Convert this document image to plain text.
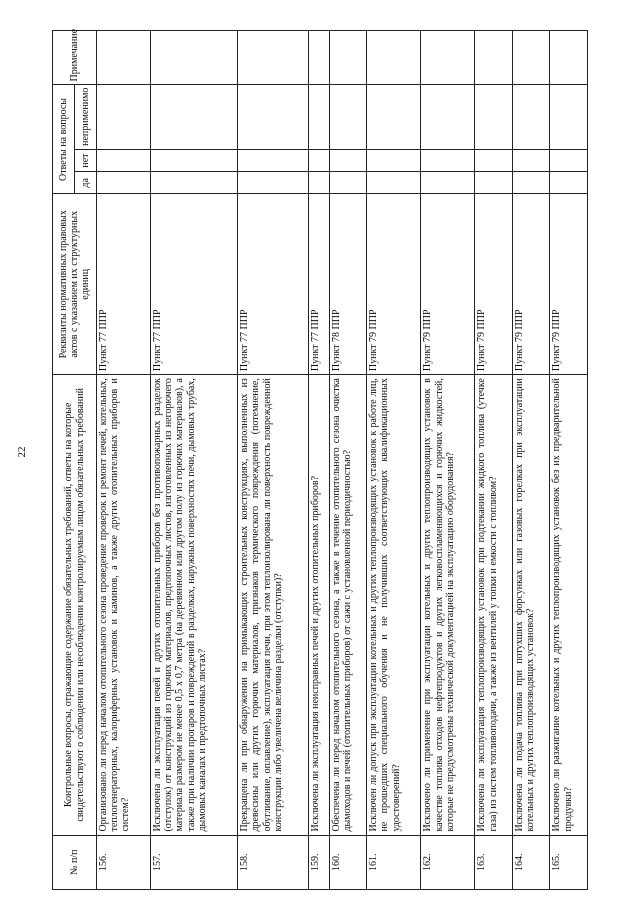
22
№ п/п	Контрольные вопросы, отражающие содержание обязательных требований, ответы на которые свидетельствуют о соблюдении или несоблюдении контролируемым лицом обязательных требований	Реквизиты нормативных правовых актов с указанием их структурных единиц	Ответы на вопросы			Примечание
			да	нет	неприменимо	
156.	Организовано ли перед началом отопительного сезона проведение проверок и ремонт печей, котельных, теплогенераторных, калориферных установок и каминов, а также других отопительных приборов и систем?	Пункт 77 ППР				
157.	Исключена ли эксплуатация печей и других отопительных приборов без противопожарных разделок (отступок) от конструкций из горючих материалов, предтопочных листов, изготовленных из негорючего материала размером не менее 0,5 x 0,7 метра (на деревянном или другом полу из горючих материалов), а также при наличии прогаров и повреждений в разделках, наружных поверхностях печи, дымовых трубах, дымовых каналах и предтопочных листах?	Пункт 77 ППР				
158.	Прекращена ли при обнаружении на примыкающих строительных конструкциях, выполненных из древесины или других горючих материалов, признаков термического повреждения (потемнение, обугливание, оплавление), эксплуатация печи, при этом теплоизолирована ли поверхность поврежденной конструкции либо увеличена величина разделки (отступки)?	Пункт 77 ППР				
159.	Исключена ли эксплуатация неисправных печей и других отопительных приборов?	Пункт 77 ППР				
160.	Обеспечена ли перед началом отопительного сезона, а также в течение отопительного сезона очистка дымоходов и печей (отопительных приборов) от сажи с установленной периодичностью?	Пункт 78 ППР				
161.	Исключен ли допуск при эксплуатации котельных и других теплопроизводящих установок к работе лиц, не прошедших специального обучения и не получивших соответствующих квалификационных удостоверений?	Пункт 79 ППР				
162.	Исключено ли применение при эксплуатации котельных и других теплопроизводящих установок в качестве топлива отходов нефтепродуктов и других легковоспламеняющихся и горючих жидкостей, которые не предусмотрены технической документацией на эксплуатацию оборудования?	Пункт 79 ППР				
163.	Исключена ли эксплуатация теплопроизводящих установок при подтекании жидкого топлива (утечке газа) из систем топливоподачи, а также из вентилей у топки и емкости с топливом?	Пункт 79 ППР				
164.	Исключена ли подача топлива при потухших форсунках или газовых горелках при эксплуатации котельных и других теплопроизводящих установок?	Пункт 79 ППР				
165.	Исключено ли разжигание котельных и других теплопроизводящих установок без их предварительной продувки?	Пункт 79 ППР				
